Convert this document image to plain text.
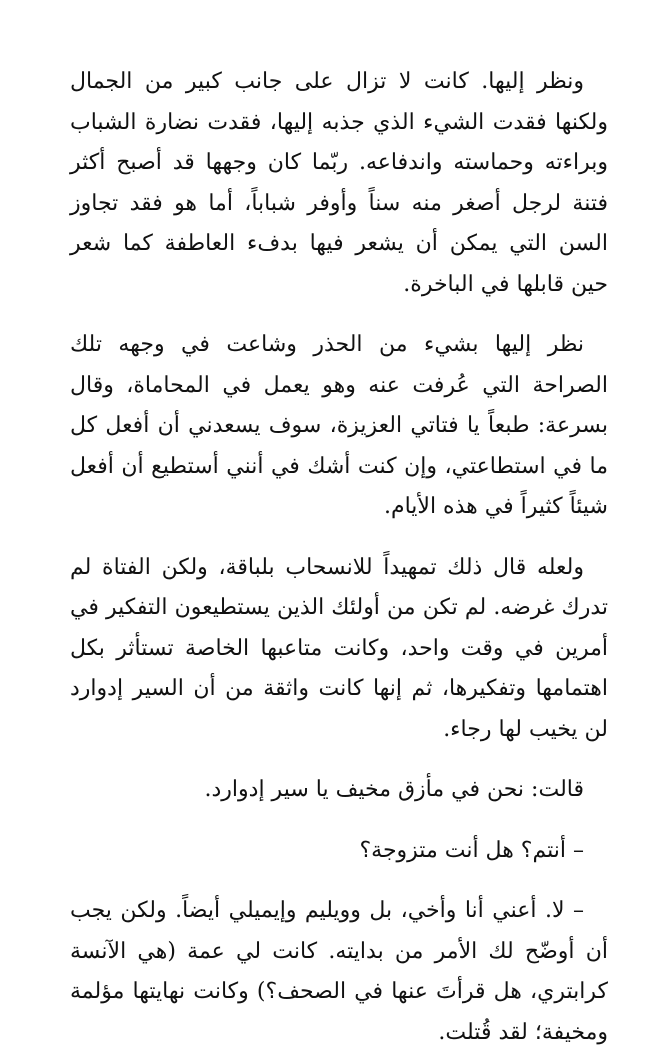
ونظر إليها. كانت لا تزال على جانب كبير من الجمال ولكنها فقدت الشيء الذي جذبه إليها، فقدت نضارة الشباب وبراءته وحماسته واندفاعه. ربّما كان وجهها قد أصبح أكثر فتنة لرجل أصغر منه سناً وأوفر شباباً، أما هو فقد تجاوز السن التي يمكن أن يشعر فيها بدفء العاطفة كما شعر حين قابلها في الباخرة.

نظر إليها بشيء من الحذر وشاعت في وجهه تلك الصراحة التي عُرفت عنه وهو يعمل في المحاماة، وقال بسرعة: طبعاً يا فتاتي العزيزة، سوف يسعدني أن أفعل كل ما في استطاعتي، وإن كنت أشك في أنني أستطيع أن أفعل شيئاً كثيراً في هذه الأيام.

ولعله قال ذلك تمهيداً للانسحاب بلباقة، ولكن الفتاة لم تدرك غرضه. لم تكن من أولئك الذين يستطيعون التفكير في أمرين في وقت واحد، وكانت متاعبها الخاصة تستأثر بكل اهتمامها وتفكيرها، ثم إنها كانت واثقة من أن السير إدوارد لن يخيب لها رجاء.

قالت: نحن في مأزق مخيف يا سير إدوارد.

– أنتم؟ هل أنت متزوجة؟

– لا. أعني أنا وأخي، بل وويليم وإيميلي أيضاً. ولكن يجب أن أوضّح لك الأمر من بدايته. كانت لي عمة (هي الآنسة كرابتري، هل قرأتَ عنها في الصحف؟) وكانت نهايتها مؤلمة ومخيفة؛ لقد قُتلت.
